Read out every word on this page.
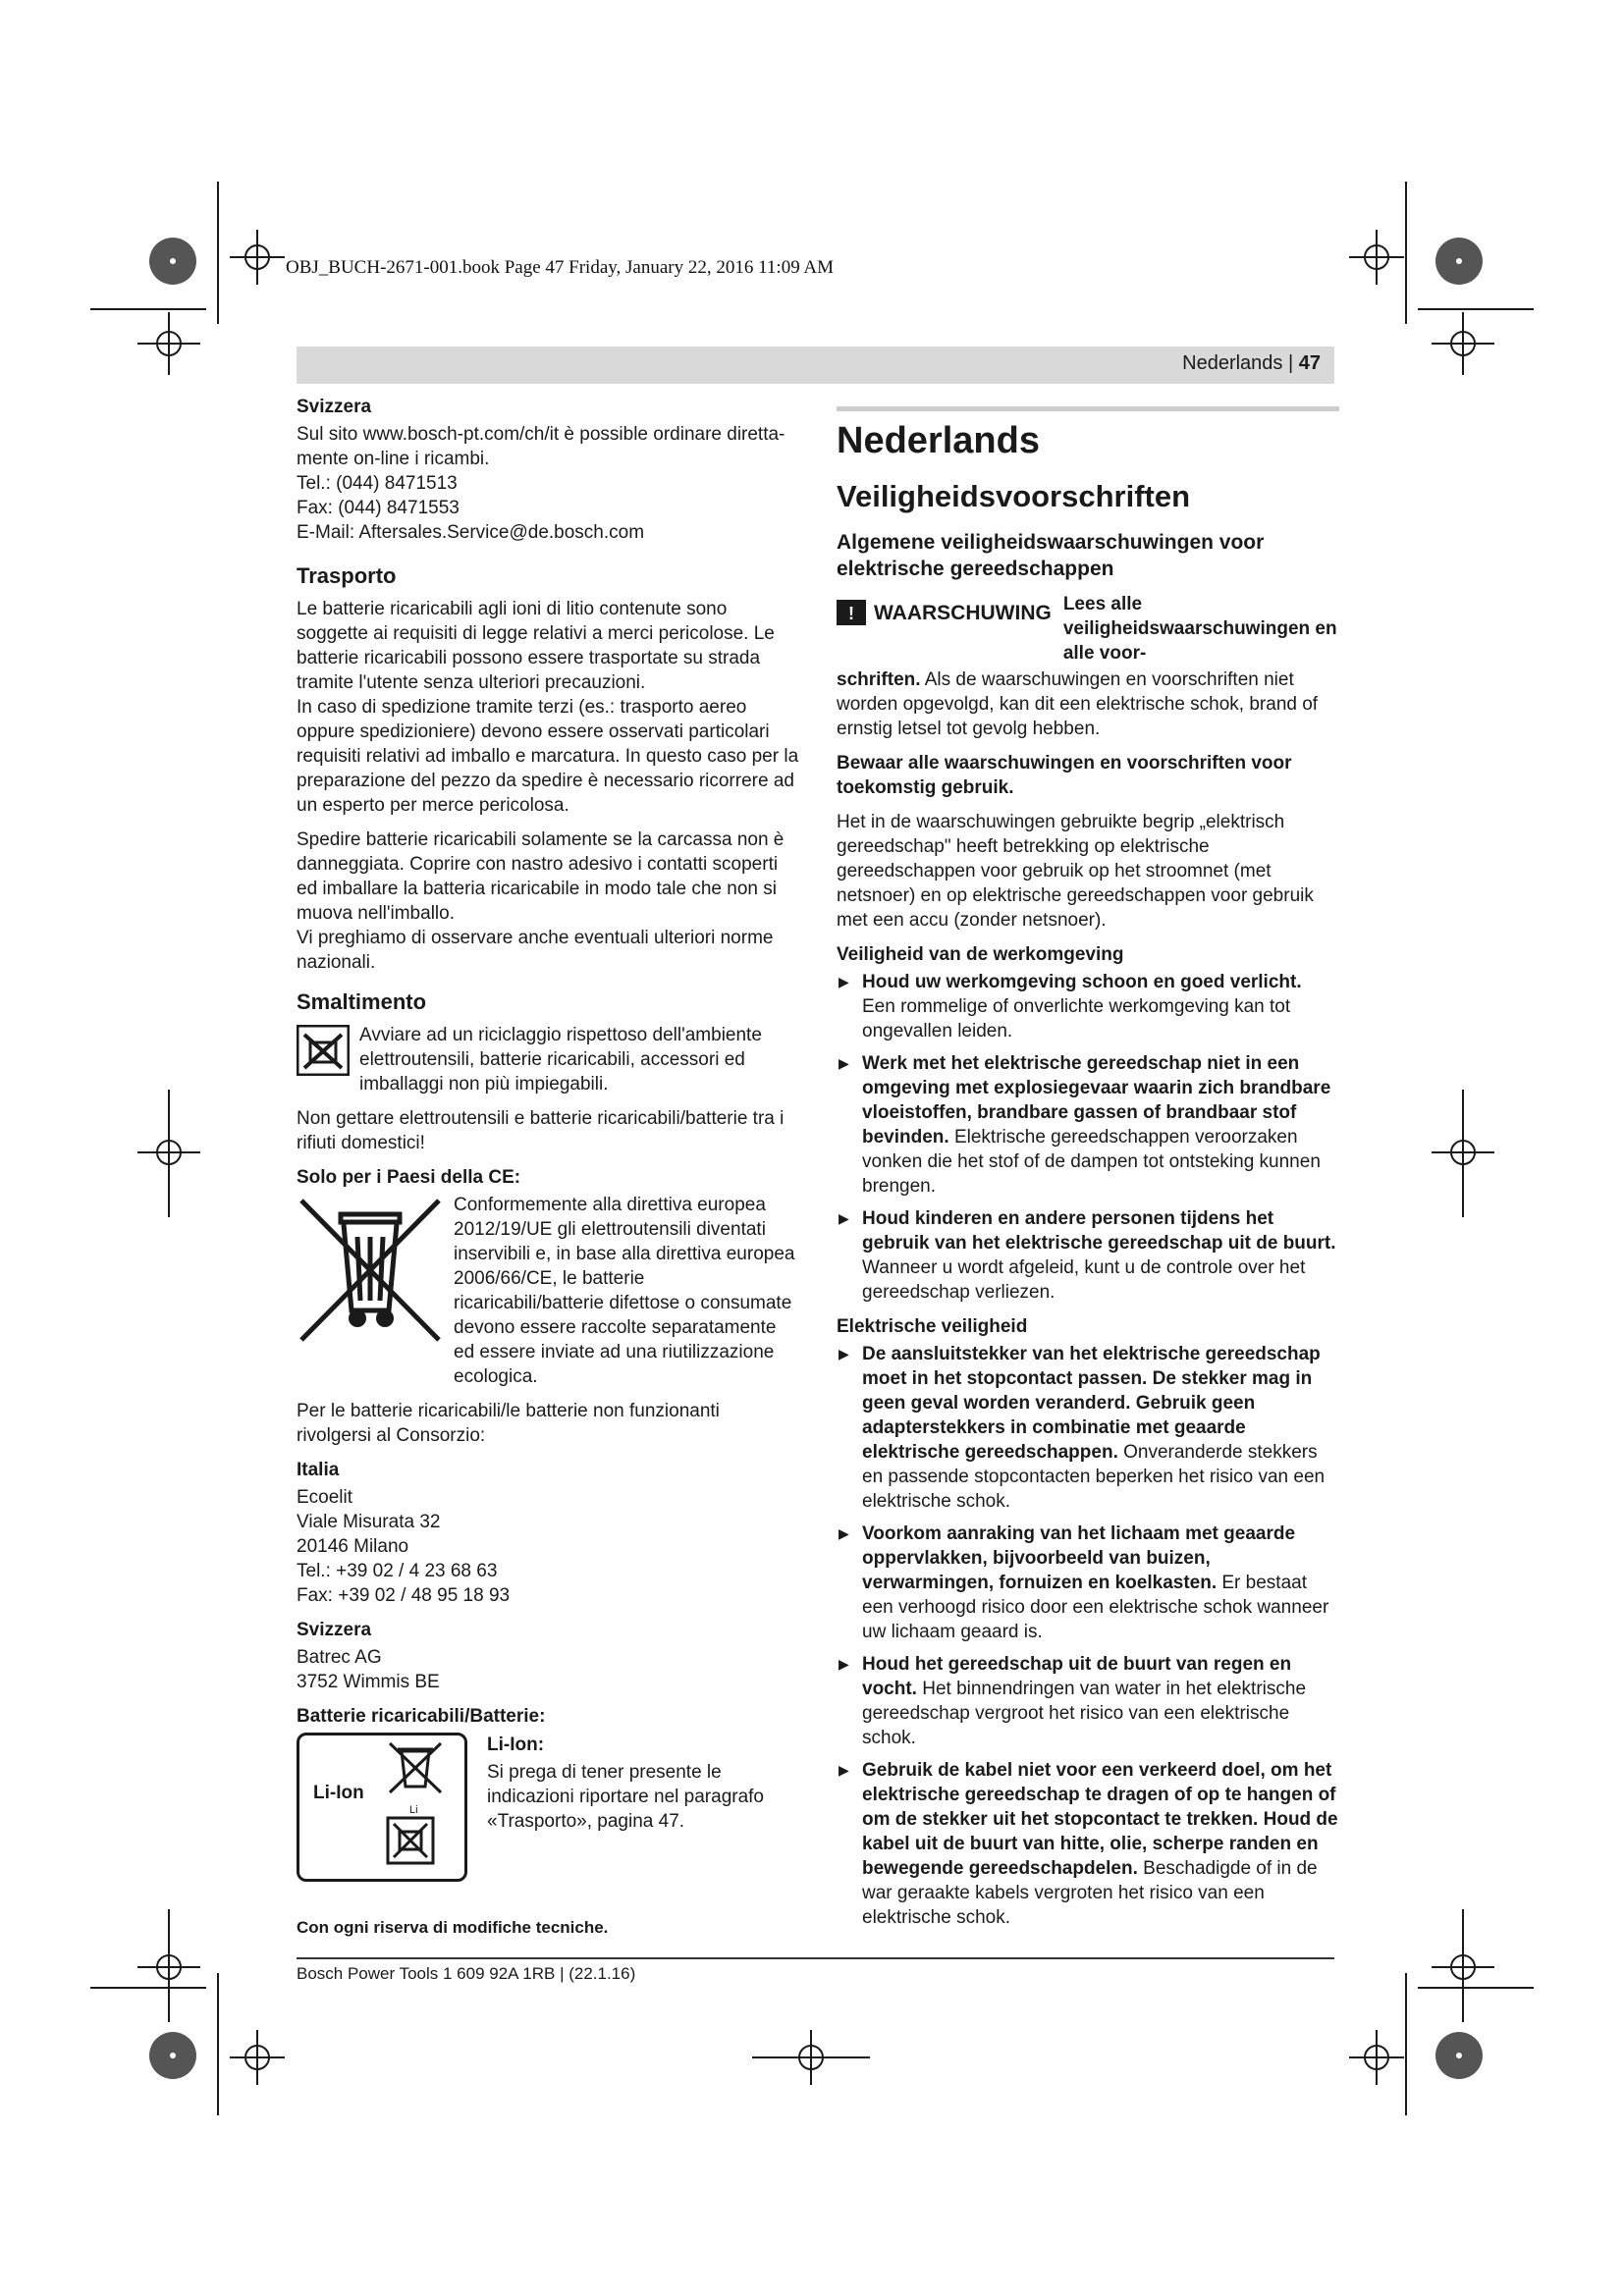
OBJ_BUCH-2671-001.book Page 47 Friday, January 22, 2016 11:09 AM
Nederlands | 47

Svizzera

Sul sito www.bosch-pt.com/ch/it è possible ordinare diretta-

mente on-line i ricambi.

Tel.: (044) 8471513

Fax: (044) 8471553

E-Mail: Aftersales.Service@de.bosch.com

Trasporto

Le batterie ricaricabili agli ioni di litio contenute sono soggette ai requisiti di legge relativi a merci pericolose. Le batterie ricaricabili possono essere trasportate su strada tramite l'utente senza ulteriori precauzioni.

In caso di spedizione tramite terzi (es.: trasporto aereo oppure spedizioniere) devono essere osservati particolari requisiti relativi ad imballo e marcatura. In questo caso per la preparazione del pezzo da spedire è necessario ricorrere ad un esperto per merce pericolosa.

Spedire batterie ricaricabili solamente se la carcassa non è danneggiata. Coprire con nastro adesivo i contatti scoperti ed imballare la batteria ricaricabile in modo tale che non si muova nell'imballo.

Vi preghiamo di osservare anche eventuali ulteriori norme nazionali.

Smaltimento

Avviare ad un riciclaggio rispettoso dell'ambiente elettroutensili, batterie ricaricabili, accessori ed imballaggi non più impiegabili.

Non gettare elettroutensili e batterie ricaricabili/batterie tra i rifiuti domestici!

Solo per i Paesi della CE:

Conformemente alla direttiva europea 2012/19/UE gli elettroutensili diventati inservibili e, in base alla direttiva europea 2006/66/CE, le batterie ricaricabili/batterie difettose o consumate devono essere raccolte separatamente ed essere inviate ad una riutilizzazione ecologica.

Per le batterie ricaricabili/le batterie non funzionanti rivolgersi al Consorzio:

Italia

Ecoelit

Viale Misurata 32

20146 Milano

Tel.: +39 02 / 4 23 68 63

Fax: +39 02 / 48 95 18 93

Svizzera

Batrec AG

3752 Wimmis BE

Batterie ricaricabili/Batterie:

Li-Ion
Li

Li-Ion:

Si prega di tener presente le indicazioni riportare nel paragrafo «Trasporto», pagina 47.

Nederlands

Veiligheidsvoorschriften

Algemene veiligheidswaarschuwingen voor elektrische gereedschappen

! WAARSCHUWING Lees alle veiligheidswaarschuwingen en alle voor-

schriften. Als de waarschuwingen en voorschriften niet worden opgevolgd, kan dit een elektrische schok, brand of ernstig letsel tot gevolg hebben.

Bewaar alle waarschuwingen en voorschriften voor toekomstig gebruik.

Het in de waarschuwingen gebruikte begrip „elektrisch gereedschap" heeft betrekking op elektrische gereedschappen voor gebruik op het stroomnet (met netsnoer) en op elektrische gereedschappen voor gebruik met een accu (zonder netsnoer).

Veiligheid van de werkomgeving

▶ Houd uw werkomgeving schoon en goed verlicht. Een rommelige of onverlichte werkomgeving kan tot ongevallen leiden.
▶ Werk met het elektrische gereedschap niet in een omgeving met explosiegevaar waarin zich brandbare vloeistoffen, brandbare gassen of brandbaar stof bevinden. Elektrische gereedschappen veroorzaken vonken die het stof of de dampen tot ontsteking kunnen brengen.
▶ Houd kinderen en andere personen tijdens het gebruik van het elektrische gereedschap uit de buurt. Wanneer u wordt afgeleid, kunt u de controle over het gereedschap verliezen.

Elektrische veiligheid

▶ De aansluitstekker van het elektrische gereedschap moet in het stopcontact passen. De stekker mag in geen geval worden veranderd. Gebruik geen adapterstekkers in combinatie met geaarde elektrische gereedschappen. Onveranderde stekkers en passende stopcontacten beperken het risico van een elektrische schok.
▶ Voorkom aanraking van het lichaam met geaarde oppervlakken, bijvoorbeeld van buizen, verwarmingen, fornuizen en koelkasten. Er bestaat een verhoogd risico door een elektrische schok wanneer uw lichaam geaard is.
▶ Houd het gereedschap uit de buurt van regen en vocht. Het binnendringen van water in het elektrische gereedschap vergroot het risico van een elektrische schok.
▶ Gebruik de kabel niet voor een verkeerd doel, om het elektrische gereedschap te dragen of op te hangen of om de stekker uit het stopcontact te trekken. Houd de kabel uit de buurt van hitte, olie, scherpe randen en bewegende gereedschapdelen. Beschadigde of in de war geraakte kabels vergroten het risico van een elektrische schok.
Con ogni riserva di modifiche tecniche.
Bosch Power Tools 1 609 92A 1RB | (22.1.16)
